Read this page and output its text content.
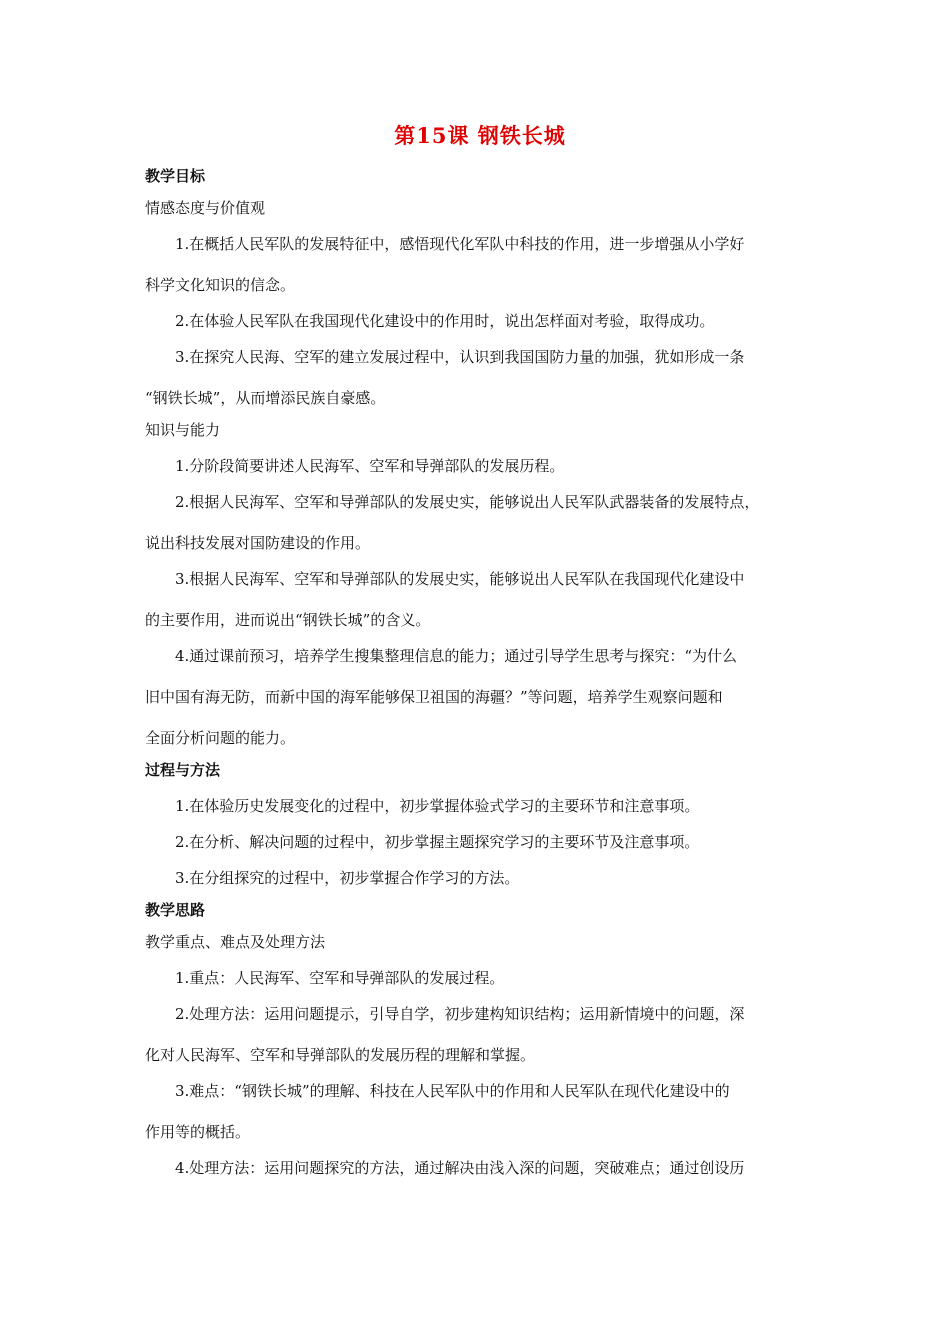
第15课 钢铁长城
教学目标
情感态度与价值观
1.在概括人民军队的发展特征中，感悟现代化军队中科技的作用，进一步增强从小学好
科学文化知识的信念。
2.在体验人民军队在我国现代化建设中的作用时，说出怎样面对考验，取得成功。
3.在探究人民海、空军的建立发展过程中，认识到我国国防力量的加强，犹如形成一条
“钢铁长城”，从而增添民族自豪感。
知识与能力
1.分阶段简要讲述人民海军、空军和导弹部队的发展历程。
2.根据人民海军、空军和导弹部队的发展史实，能够说出人民军队武器装备的发展特点，
说出科技发展对国防建设的作用。
3.根据人民海军、空军和导弹部队的发展史实，能够说出人民军队在我国现代化建设中
的主要作用，进而说出“钢铁长城”的含义。
4.通过课前预习，培养学生搜集整理信息的能力；通过引导学生思考与探究：“为什么
旧中国有海无防，而新中国的海军能够保卫祖国的海疆？”等问题，培养学生观察问题和
全面分析问题的能力。
过程与方法
1.在体验历史发展变化的过程中，初步掌握体验式学习的主要环节和注意事项。
2.在分析、解决问题的过程中，初步掌握主题探究学习的主要环节及注意事项。
3.在分组探究的过程中，初步掌握合作学习的方法。
教学思路
教学重点、难点及处理方法
1.重点：人民海军、空军和导弹部队的发展过程。
2.处理方法：运用问题提示，引导自学，初步建构知识结构；运用新情境中的问题，深
化对人民海军、空军和导弹部队的发展历程的理解和掌握。
3.难点：“钢铁长城”的理解、科技在人民军队中的作用和人民军队在现代化建设中的
作用等的概括。
4.处理方法：运用问题探究的方法，通过解决由浅入深的问题，突破难点；通过创设历
